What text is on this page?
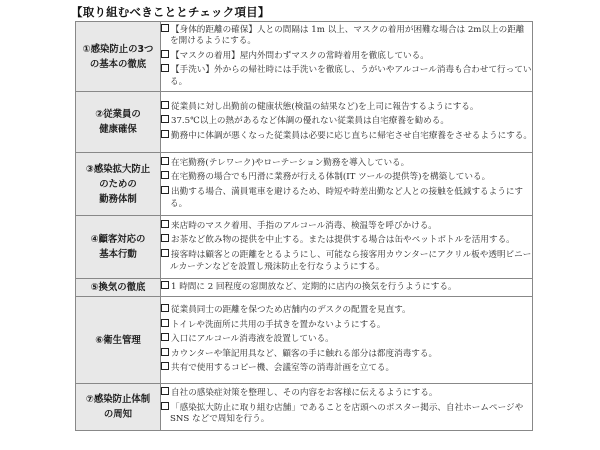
【取り組むべきこととチェック項目】
①感染防止の3つ
の基本の徹底

【身体的距離の確保】人との間隔は 1m 以上、マスクの着用が困難な場合は 2m以上の距離を開けるようにする。
【マスクの着用】屋内外問わずマスクの常時着用を徹底している。
【手洗い】外からの帰社時には手洗いを徹底し、うがいやアルコール消毒も合わせて行っている。

②従業員の
健康確保

従業員に対し出勤前の健康状態(検温の結果など)を上司に報告するようにする。
37.5℃以上の熱があるなど体調の優れない従業員は自宅療養を勧める。
勤務中に体調が悪くなった従業員は必要に応じ直ちに帰宅させ自宅療養をさせるようにする。

③感染拡大防止
のための
勤務体制

在宅勤務(テレワーク)やローテーション勤務を導入している。
在宅勤務の場合でも円滑に業務が行える体制(IT ツールの提供等)を構築している。
出勤する場合、満員電車を避けるため、時短や時差出勤など人との接触を低減するようにする。

④顧客対応の
基本行動

来店時のマスク着用、手指のアルコール消毒、検温等を呼びかける。
お茶など飲み物の提供を中止する。または提供する場合は缶やペットボトルを活用する。
接客時は顧客との距離をとるようにし、可能なら接客用カウンターにアクリル板や透明ビニールカーテンなどを設置し飛沫防止を行なうようにする。

⑤換気の徹底	1 時間に 2 回程度の窓開放など、定期的に店内の換気を行うようにする。

⑥衛生管理	従業員同士の距離を保つため店舗内のデスクの配置を見直す。
トイレや洗面所に共用の手拭きを置かないようにする。
入口にアルコール消毒液を設置している。
カウンターや筆記用具など、顧客の手に触れる部分は都度消毒する。
共有で使用するコピー機、会議室等の消毒計画を立てる。

⑦感染防止体制
の周知

自社の感染症対策を整理し、その内容をお客様に伝えるようにする。
「感染拡大防止に取り組む店舗」であることを店頭へのポスター掲示、自社ホームページや SNS などで周知を行う。
